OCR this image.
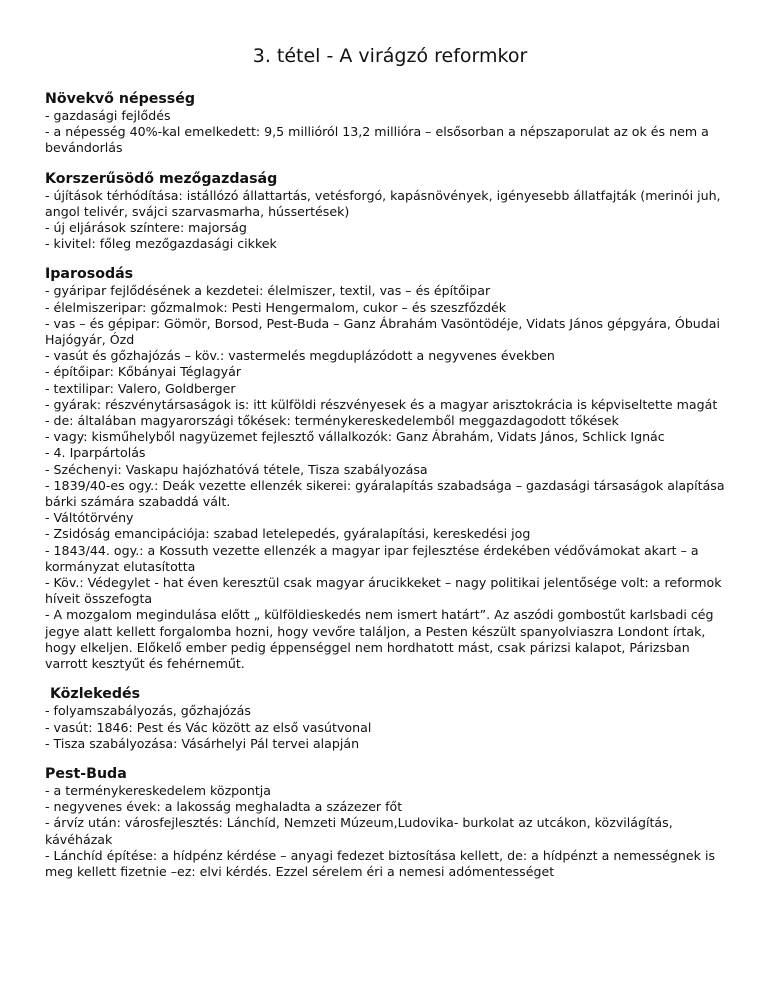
3. tétel - A virágzó reformkor
Növekvő népesség
- gazdasági fejlődés
- a népesség 40%-kal emelkedett: 9,5 millióról 13,2 millióra – elsősorban a népszaporulat az ok és nem a bevándorlás
Korszerűsödő mezőgazdaság
- újítások térhódítása: istállózó állattartás, vetésforgó, kapásnövények, igényesebb állatfajták (merinói juh, angol telivér, svájci szarvasmarha, hússertések)
- új eljárások színtere: majorság
- kivitel: főleg mezőgazdasági cikkek
Iparosodás
- gyáripar fejlődésének a kezdetei: élelmiszer, textil, vas – és építőipar
- élelmiszeripar: gőzmalmok: Pesti Hengermalom, cukor – és szeszfőzdék
- vas – és gépipar: Gömör, Borsod, Pest-Buda – Ganz Ábrahám Vasöntödéje, Vidats János gépgyára, Óbudai Hajógyár, Ózd
- vasút és gőzhajózás – köv.: vastermelés megduplázódott a negyvenes években
- építőipar: Kőbányai Téglagyár
- textilipar: Valero, Goldberger
- gyárak: részvénytársaságok is: itt külföldi részvényesek és a magyar arisztokrácia is képviseltette magát
- de: általában magyarországi tőkések: terménykereskedelemből meggazdagodott tőkések
- vagy: kisműhelyből nagyüzemet fejlesztő vállalkozók: Ganz Ábrahám, Vidats János, Schlick Ignác
- 4. Iparpártolás
- Széchenyi: Vaskapu hajózhatóvá tétele, Tisza szabályozása
- 1839/40-es ogy.: Deák vezette ellenzék sikerei: gyáralapítás szabadsága – gazdasági társaságok alapítása bárki számára szabaddá vált.
- Váltótörvény
- Zsidóság emancipációja: szabad letelepedés, gyáralapítási, kereskedési jog
- 1843/44. ogy.: a Kossuth vezette ellenzék a magyar ipar fejlesztése érdekében védővámokat akart – a kormányzat elutasította
- Köv.: Védegylet - hat éven keresztül csak magyar árucikkeket – nagy politikai jelentősége volt: a reformok híveit összefogta
- A mozgalom megindulása előtt „ külföldieskedés nem ismert határt”. Az aszódi gombostűt karlsbadi cég jegye alatt kellett forgalomba hozni, hogy vevőre találjon, a Pesten készült spanyolviaszra Londont írtak, hogy elkeljen. Előkelő ember pedig éppenséggel nem hordhatott mást, csak párizsi kalapot, Párizsban varrott kesztyűt és fehérneműt.
Közlekedés
- folyamszabályozás, gőzhajózás
- vasút: 1846: Pest és Vác között az első vasútvonal
- Tisza szabályozása: Vásárhelyi Pál tervei alapján
Pest-Buda
- a terménykereskedelem központja
- negyvenes évek: a lakosság meghaladta a százezer főt
- árvíz után: városfejlesztés: Lánchíd, Nemzeti Múzeum,Ludovika- burkolat az utcákon, közvilágítás, kávéházak
- Lánchíd építése: a hídpénz kérdése – anyagi fedezet biztosítása kellett, de: a hídpénzt a nemességnek is meg kellett fizetnie –ez: elvi kérdés. Ezzel sérelem éri a nemesi adómentességet
